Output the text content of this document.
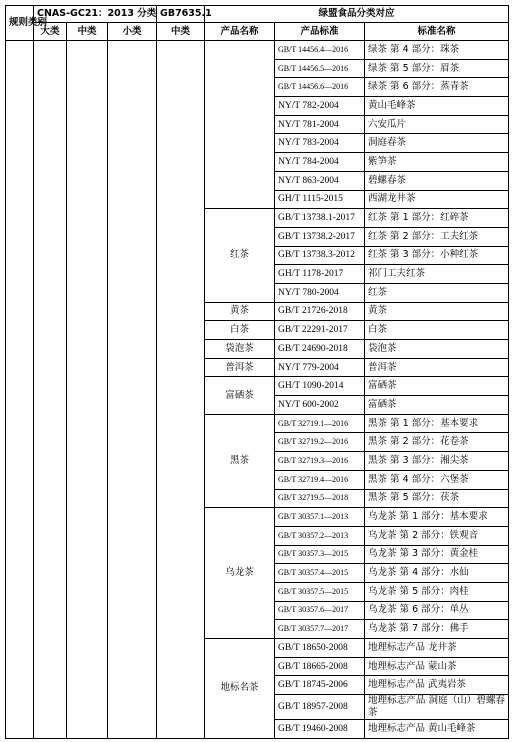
规则类别	CNAS-GC21：2013 分类			GB7635.1	绿盟食品分类对应		
	大类	中类	小类	中类	产品名称	产品标准	标准名称
						GB/T 14456.4—2016	绿茶 第 4 部分：珠茶
						GB/T 14456.5—2016	绿茶 第 5 部分：眉茶
						GB/T 14456.6—2016	绿茶 第 6 部分：蒸青茶
						NY/T 782-2004	黄山毛峰茶
						NY/T 781-2004	六安瓜片
						NY/T 783-2004	洞庭春茶
						NY/T 784-2004	紫笋茶
						NY/T 863-2004	碧螺春茶
						GH/T 1115-2015	西湖龙井茶
					红茶	GB/T 13738.1-2017	红茶 第 1 部分：红碎茶
						GB/T 13738.2-2017	红茶 第 2 部分：工夫红茶
						GB/T 13738.3-2012	红茶 第 3 部分：小种红茶
						GH/T 1178-2017	祁门工夫红茶
						NY/T 780-2004	红茶
					黄茶	GB/T 21726-2018	黄茶
					白茶	GB/T 22291-2017	白茶
					袋泡茶	GB/T 24690-2018	袋泡茶
					普洱茶	NY/T 779-2004	普洱茶
					富硒茶	GH/T 1090-2014	富硒茶
						NY/T 600-2002	富硒茶
					黑茶	GB/T 32719.1—2016	黑茶 第 1 部分：基本要求
						GB/T 32719.2—2016	黑茶 第 2 部分：花卷茶
						GB/T 32719.3—2016	黑茶 第 3 部分：湘尖茶
						GB/T 32719.4—2016	黑茶 第 4 部分：六堡茶
						GB/T 32719.5—2018	黑茶 第 5 部分：茯茶
					乌龙茶	GB/T 30357.1—2013	乌龙茶 第 1 部分：基本要求
						GB/T 30357.2—2013	乌龙茶 第 2 部分：铁观音
						GB/T 30357.3—2015	乌龙茶 第 3 部分：黄金桂
						GB/T 30357.4—2015	乌龙茶 第 4 部分：水仙
						GB/T 30357.5—2015	乌龙茶 第 5 部分：肉桂
						GB/T 30357.6—2017	乌龙茶 第 6 部分：单丛
						GB/T 30357.7—2017	乌龙茶 第 7 部分：佛手
					地标名茶	GB/T 18650-2008	地理标志产品 龙井茶
						GB/T 18665-2008	地理标志产品 蒙山茶
						GB/T 18745-2006	地理标志产品 武夷岩茶
						GB/T 18957-2008	地理标志产品 洞庭（山）碧螺春茶
						GB/T 19460-2008	地理标志产品 黄山毛峰茶
